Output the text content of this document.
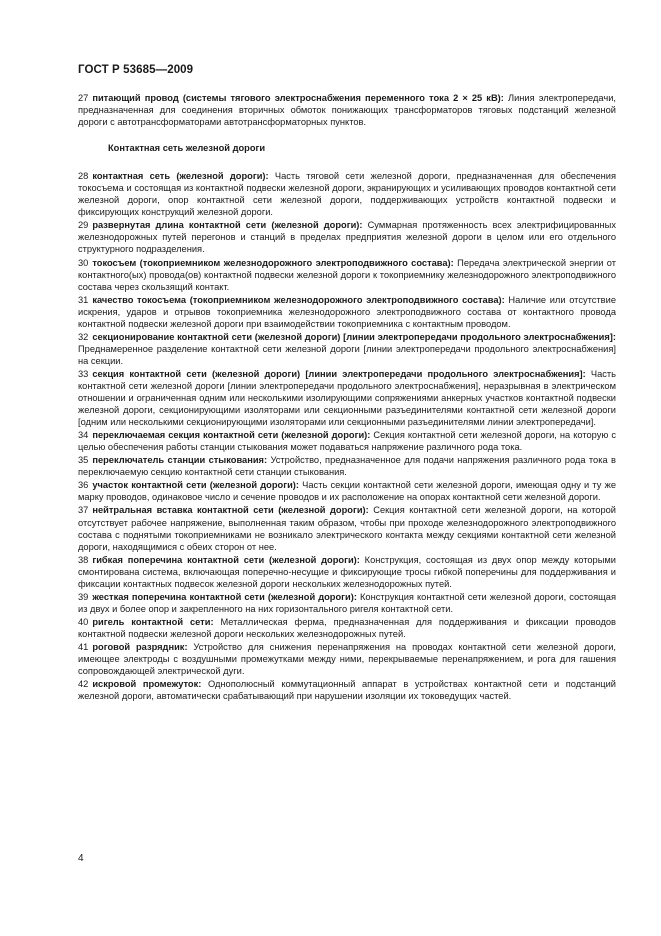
ГОСТ Р 53685—2009
27 питающий провод (системы тягового электроснабжения переменного тока 2 × 25 кВ): Линия электропередачи, предназначенная для соединения вторичных обмоток понижающих трансформаторов тяговых подстанций железной дороги с автотрансформаторами автотрансформаторных пунктов.
Контактная сеть железной дороги
28 контактная сеть (железной дороги): Часть тяговой сети железной дороги, предназначенная для обеспечения токосъема и состоящая из контактной подвески железной дороги, экранирующих и усиливающих проводов контактной сети железной дороги, опор контактной сети железной дороги, поддерживающих устройств контактной подвески и фиксирующих конструкций железной дороги.
29 развернутая длина контактной сети (железной дороги): Суммарная протяженность всех электрифицированных железнодорожных путей перегонов и станций в пределах предприятия железной дороги в целом или его отдельного структурного подразделения.
30 токосъем (токоприемником железнодорожного электроподвижного состава): Передача электрической энергии от контактного(ых) провода(ов) контактной подвески железной дороги к токоприемнику железнодорожного электроподвижного состава через скользящий контакт.
31 качество токосъема (токоприемником железнодорожного электроподвижного состава): Наличие или отсутствие искрения, ударов и отрывов токоприемника железнодорожного электроподвижного состава от контактного провода контактной подвески железной дороги при взаимодействии токоприемника с контактным проводом.
32 секционирование контактной сети (железной дороги) [линии электропередачи продольного электроснабжения]: Преднамеренное разделение контактной сети железной дороги [линии электропередачи продольного электроснабжения] на секции.
33 секция контактной сети (железной дороги) [линии электропередачи продольного электроснабжения]: Часть контактной сети железной дороги [линии электропередачи продольного электроснабжения], неразрывная в электрическом отношении и ограниченная одним или несколькими изолирующими сопряжениями анкерных участков контактной подвески железной дороги, секционирующими изоляторами или секционными разъединителями контактной сети железной дороги [одним или несколькими секционирующими изоляторами или секционными разъединителями линии электропередачи].
34 переключаемая секция контактной сети (железной дороги): Секция контактной сети железной дороги, на которую с целью обеспечения работы станции стыкования может подаваться напряжение различного рода тока.
35 переключатель станции стыкования: Устройство, предназначенное для подачи напряжения различного рода тока в переключаемую секцию контактной сети станции стыкования.
36 участок контактной сети (железной дороги): Часть секции контактной сети железной дороги, имеющая одну и ту же марку проводов, одинаковое число и сечение проводов и их расположение на опорах контактной сети железной дороги.
37 нейтральная вставка контактной сети (железной дороги): Секция контактной сети железной дороги, на которой отсутствует рабочее напряжение, выполненная таким образом, чтобы при проходе железнодорожного электроподвижного состава с поднятыми токоприемниками не возникало электрического контакта между секциями контактной сети железной дороги, находящимися с обеих сторон от нее.
38 гибкая поперечина контактной сети (железной дороги): Конструкция, состоящая из двух опор между которыми смонтирована система, включающая поперечно-несущие и фиксирующие тросы гибкой поперечины для поддерживания и фиксации контактных подвесок железной дороги нескольких железнодорожных путей.
39 жесткая поперечина контактной сети (железной дороги): Конструкция контактной сети железной дороги, состоящая из двух и более опор и закрепленного на них горизонтального ригеля контактной сети.
40 ригель контактной сети: Металлическая ферма, предназначенная для поддерживания и фиксации проводов контактной подвески железной дороги нескольких железнодорожных путей.
41 роговой разрядник: Устройство для снижения перенапряжения на проводах контактной сети железной дороги, имеющее электроды с воздушными промежутками между ними, перекрываемые перенапряжением, и рога для гашения сопровождающей электрической дуги.
42 искровой промежуток: Однополюсный коммутационный аппарат в устройствах контактной сети и подстанций железной дороги, автоматически срабатывающий при нарушении изоляции их токоведущих частей.
4
